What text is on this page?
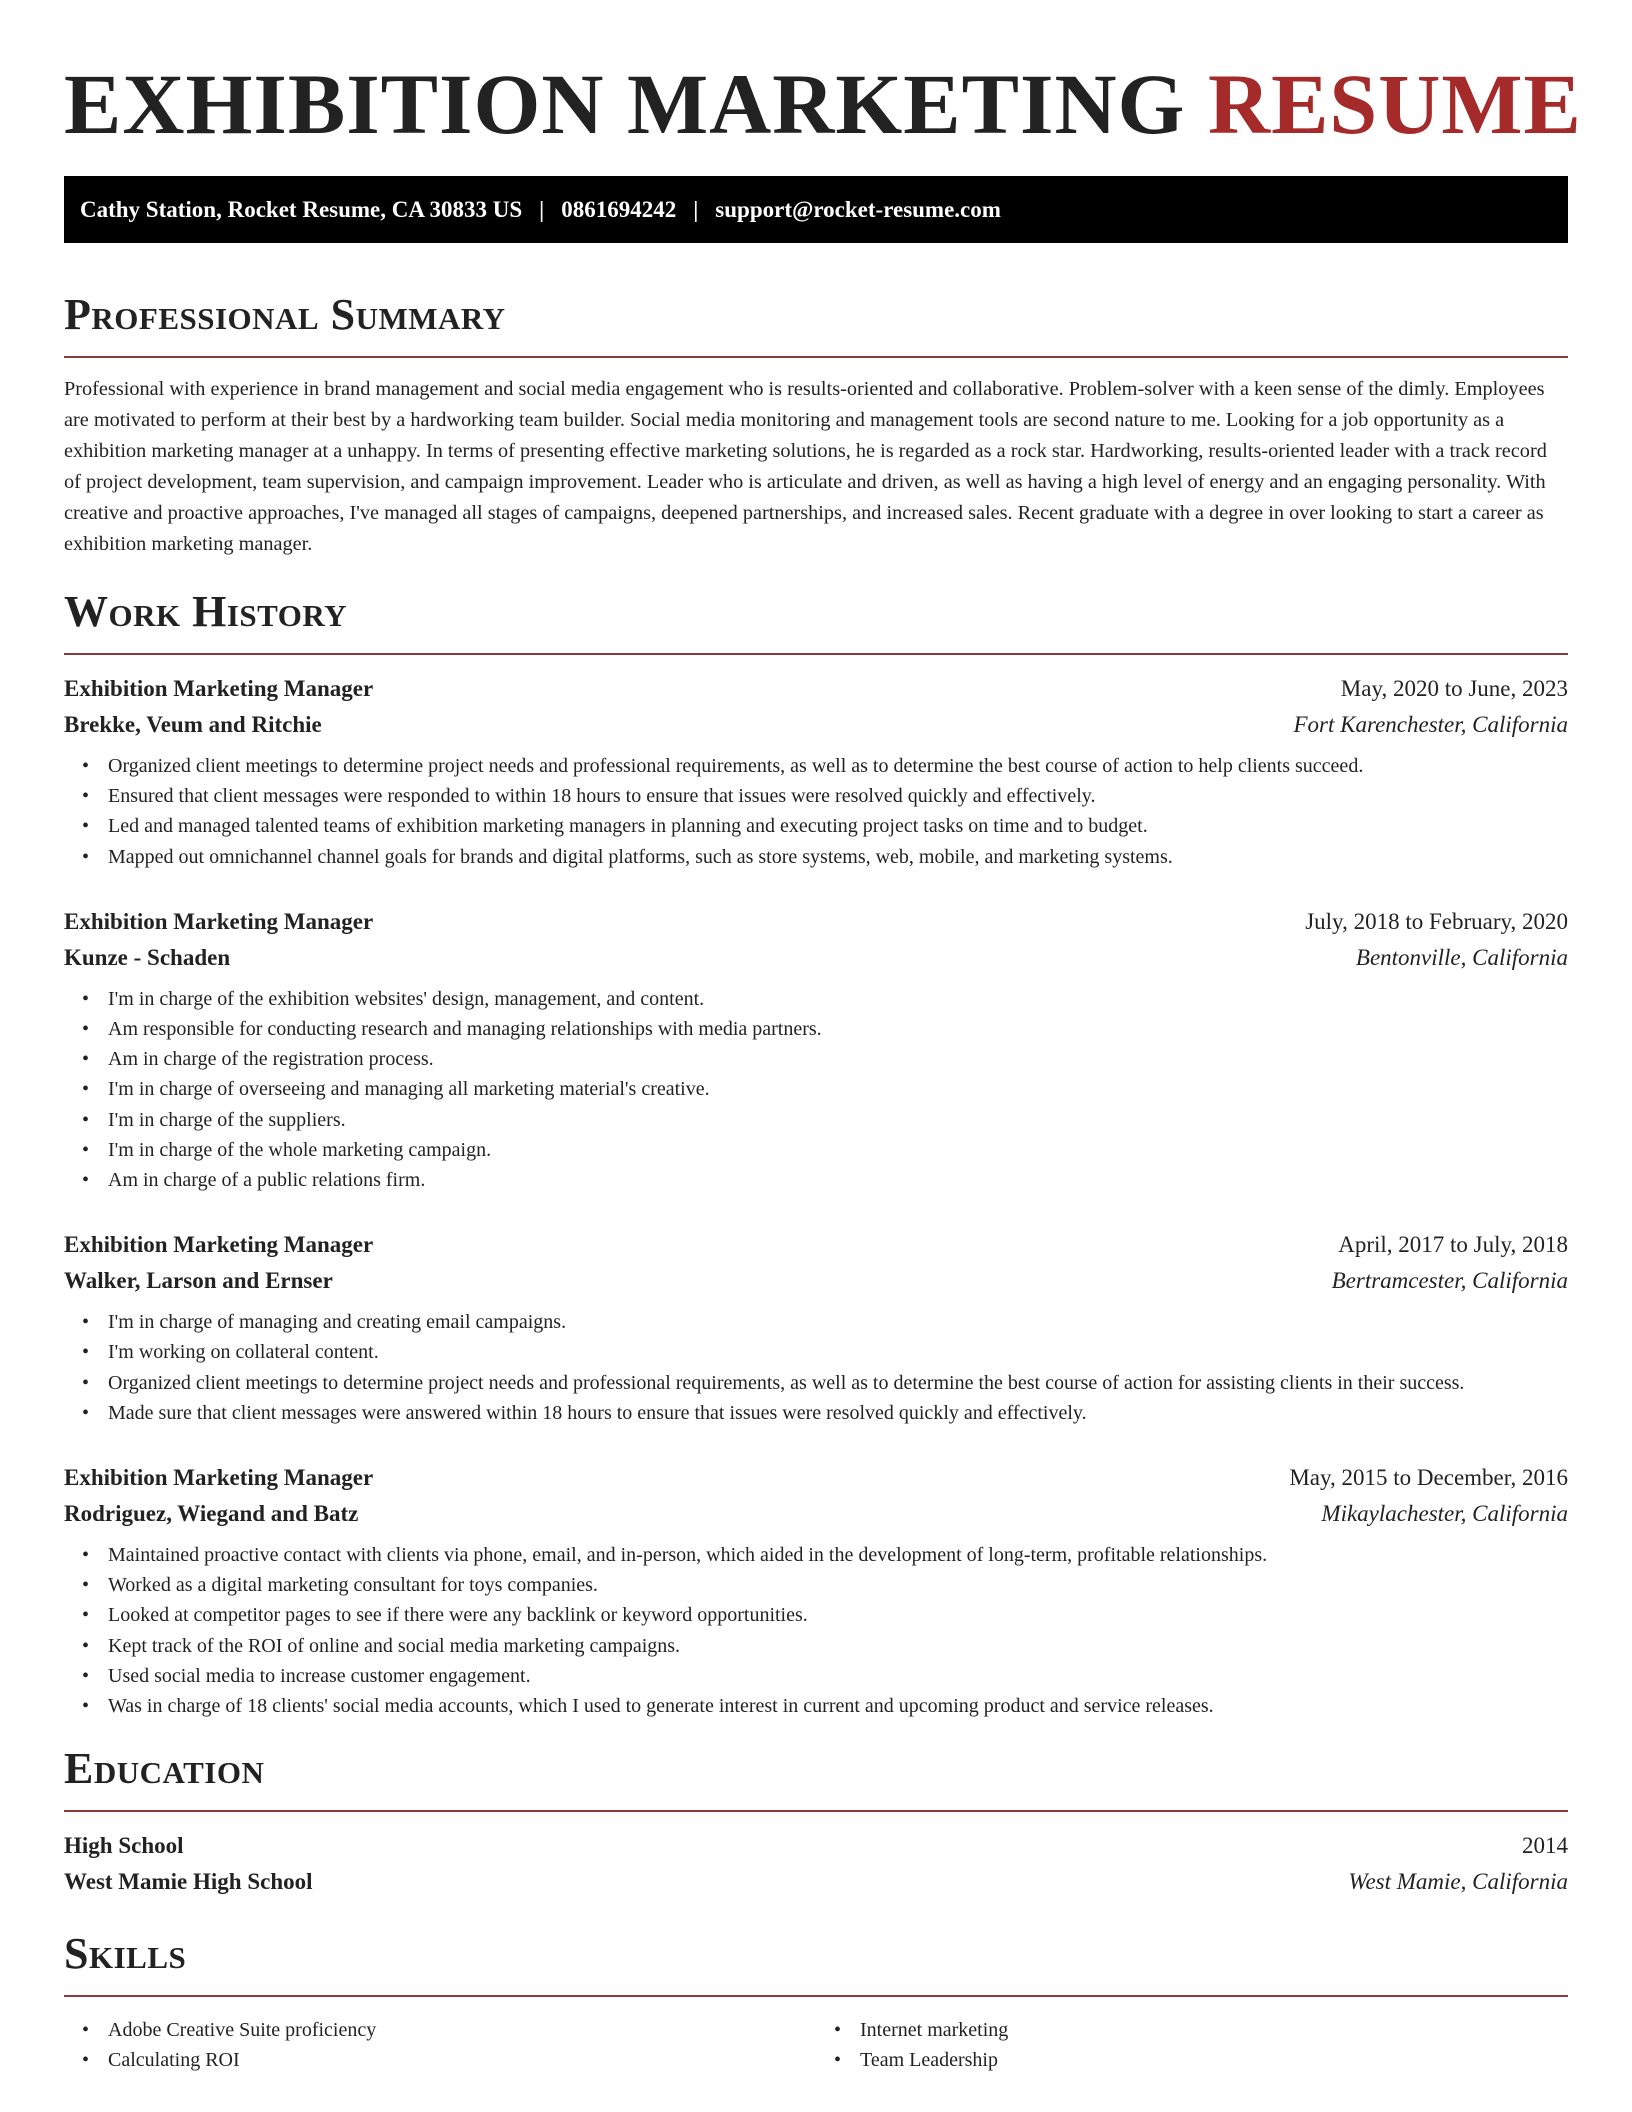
EXHIBITION MARKETING RESUME
Cathy Station, Rocket Resume, CA 30833 US | 0861694242 | support@rocket-resume.com
Professional Summary

Professional with experience in brand management and social media engagement who is results-oriented and collaborative. Problem-solver with a keen sense of the dimly. Employees are motivated to perform at their best by a hardworking team builder. Social media monitoring and management tools are second nature to me. Looking for a job opportunity as a exhibition marketing manager at a unhappy. In terms of presenting effective marketing solutions, he is regarded as a rock star. Hardworking, results-oriented leader with a track record of project development, team supervision, and campaign improvement. Leader who is articulate and driven, as well as having a high level of energy and an engaging personality. With creative and proactive approaches, I've managed all stages of campaigns, deepened partnerships, and increased sales. Recent graduate with a degree in over looking to start a career as exhibition marketing manager.

Work History
Exhibition Marketing Manager	May, 2020 to June, 2023
Brekke, Veum and Ritchie	Fort Karenchester, California
• Organized client meetings to determine project needs and professional requirements, as well as to determine the best course of action to help clients succeed.
• Ensured that client messages were responded to within 18 hours to ensure that issues were resolved quickly and effectively.
• Led and managed talented teams of exhibition marketing managers in planning and executing project tasks on time and to budget.
• Mapped out omnichannel channel goals for brands and digital platforms, such as store systems, web, mobile, and marketing systems.
Exhibition Marketing Manager	July, 2018 to February, 2020
Kunze - Schaden	Bentonville, California
• I'm in charge of the exhibition websites' design, management, and content.
• Am responsible for conducting research and managing relationships with media partners.
• Am in charge of the registration process.
• I'm in charge of overseeing and managing all marketing material's creative.
• I'm in charge of the suppliers.
• I'm in charge of the whole marketing campaign.
• Am in charge of a public relations firm.
Exhibition Marketing Manager	April, 2017 to July, 2018
Walker, Larson and Ernser	Bertramcester, California
• I'm in charge of managing and creating email campaigns.
• I'm working on collateral content.
• Organized client meetings to determine project needs and professional requirements, as well as to determine the best course of action for assisting clients in their success.
• Made sure that client messages were answered within 18 hours to ensure that issues were resolved quickly and effectively.
Exhibition Marketing Manager	May, 2015 to December, 2016
Rodriguez, Wiegand and Batz	Mikaylachester, California
• Maintained proactive contact with clients via phone, email, and in-person, which aided in the development of long-term, profitable relationships.
• Worked as a digital marketing consultant for toys companies.
• Looked at competitor pages to see if there were any backlink or keyword opportunities.
• Kept track of the ROI of online and social media marketing campaigns.
• Used social media to increase customer engagement.
• Was in charge of 18 clients' social media accounts, which I used to generate interest in current and upcoming product and service releases.
Education
High School	2014
West Mamie High School	West Mamie, California
Skills
• Adobe Creative Suite proficiency
• Calculating ROI
• Internet marketing
• Team Leadership
